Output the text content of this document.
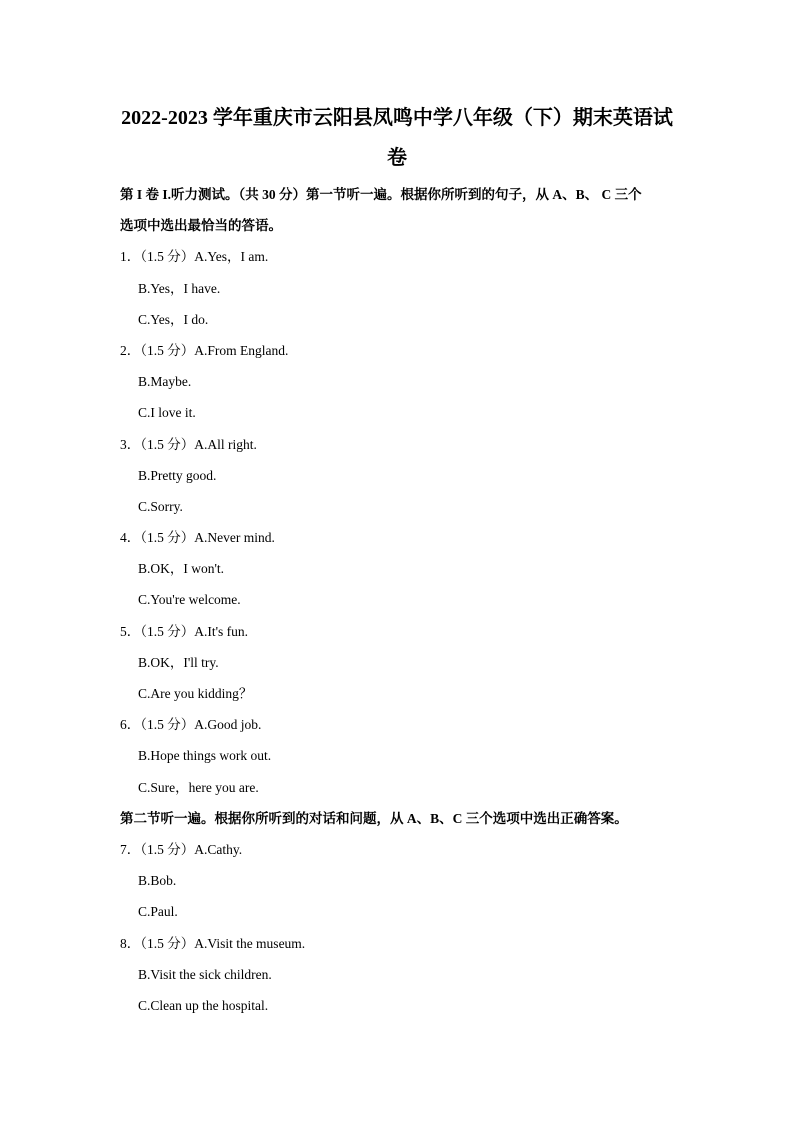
2022-2023 学年重庆市云阳县凤鸣中学八年级（下）期末英语试
卷
第 I 卷 I.听力测试。（共 30 分）第一节听一遍。根据你所听到的句子，从 A、B、 C 三个
选项中选出最恰当的答语。
1．（1.5 分）A.Yes，I am.
B.Yes，I have.
C.Yes，I do.
2．（1.5 分）A.From England.
B.Maybe.
C.I love it.
3．（1.5 分）A.All right.
B.Pretty good.
C.Sorry.
4．（1.5 分）A.Never mind.
B.OK，I won't.
C.You're welcome.
5．（1.5 分）A.It's fun.
B.OK，I'll try.
C.Are you kidding？
6．（1.5 分）A.Good job.
B.Hope things work out.
C.Sure，here you are.
第二节听一遍。根据你所听到的对话和问题，从 A、B、C 三个选项中选出正确答案。
7．（1.5 分）A.Cathy.
B.Bob.
C.Paul.
8．（1.5 分）A.Visit the museum.
B.Visit the sick children.
C.Clean up the hospital.
